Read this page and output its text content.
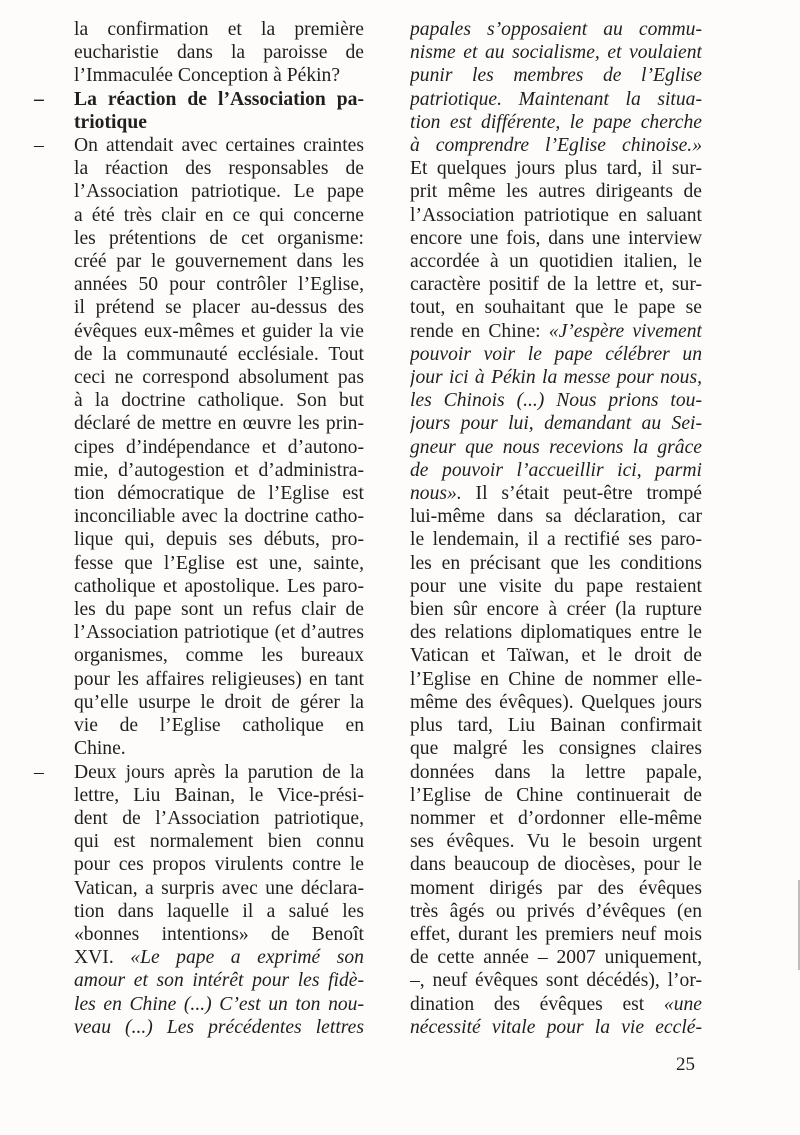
la confirmation et la première
eucharistie dans la paroisse de
l’Immaculée Conception à Pékin?
–	La réaction de l’Association pa-
triotique
–	On attendait avec certaines craintes
la réaction des responsables de
l’Association patriotique. Le pape
a été très clair en ce qui concerne
les prétentions de cet organisme:
créé par le gouvernement dans les
années 50 pour contrôler l’Eglise,
il prétend se placer au-dessus des
évêques eux-mêmes et guider la vie
de la communauté ecclésiale. Tout
ceci ne correspond absolument pas
à la doctrine catholique. Son but
déclaré de mettre en œuvre les prin-
cipes d’indépendance et d’autono-
mie, d’autogestion et d’administra-
tion démocratique de l’Eglise est
inconciliable avec la doctrine catho-
lique qui, depuis ses débuts, pro-
fesse que l’Eglise est une, sainte,
catholique et apostolique. Les paro-
les du pape sont un refus clair de
l’Association patriotique (et d’autres
organismes, comme les bureaux
pour les affaires religieuses) en tant
qu’elle usurpe le droit de gérer la
vie de l’Eglise catholique en
Chine.
–	Deux jours après la parution de la
lettre, Liu Bainan, le Vice-prési-
dent de l’Association patriotique,
qui est normalement bien connu
pour ces propos virulents contre le
Vatican, a surpris avec une déclara-
tion dans laquelle il a salué les
«bonnes intentions» de Benoît
XVI. «Le pape a exprimé son
amour et son intérêt pour les fidè-
les en Chine (...) C’est un ton nou-
veau (...) Les précédentes lettres
papales s’opposaient au commu-
nisme et au socialisme, et voulaient
punir les membres de l’Eglise
patriotique. Maintenant la situa-
tion est différente, le pape cherche
à comprendre l’Eglise chinoise.»
Et quelques jours plus tard, il sur-
prit même les autres dirigeants de
l’Association patriotique en saluant
encore une fois, dans une interview
accordée à un quotidien italien, le
caractère positif de la lettre et, sur-
tout, en souhaitant que le pape se
rende en Chine: «J’espère vivement
pouvoir voir le pape célébrer un
jour ici à Pékin la messe pour nous,
les Chinois (...) Nous prions tou-
jours pour lui, demandant au Sei-
gneur que nous recevions la grâce
de pouvoir l’accueillir ici, parmi
nous». Il s’était peut-être trompé
lui-même dans sa déclaration, car
le lendemain, il a rectifié ses paro-
les en précisant que les conditions
pour une visite du pape restaient
bien sûr encore à créer (la rupture
des relations diplomatiques entre le
Vatican et Taïwan, et le droit de
l’Eglise en Chine de nommer elle-
même des évêques). Quelques jours
plus tard, Liu Bainan confirmait
que malgré les consignes claires
données dans la lettre papale,
l’Eglise de Chine continuerait de
nommer et d’ordonner elle-même
ses évêques. Vu le besoin urgent
dans beaucoup de diocèses, pour le
moment dirigés par des évêques
très âgés ou privés d’évêques (en
effet, durant les premiers neuf mois
de cette année – 2007 uniquement,
–, neuf évêques sont décédés), l’or-
dination des évêques est «une
nécessité vitale pour la vie ecclé-
25
